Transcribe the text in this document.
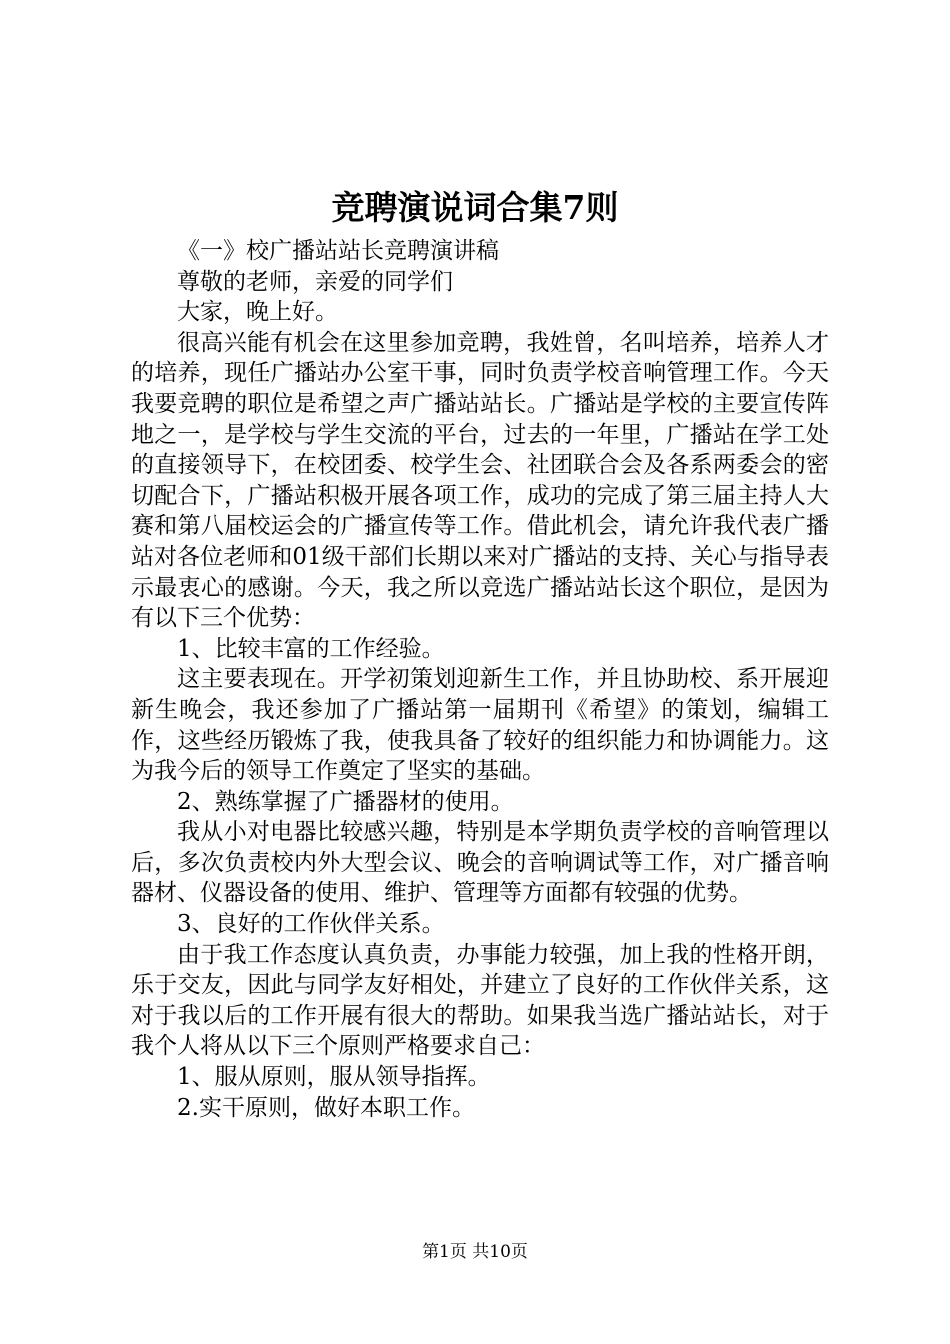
竞聘演说词合集7则

《一》校广播站站长竞聘演讲稿

尊敬的老师，亲爱的同学们

大家，晚上好。

很高兴能有机会在这里参加竞聘，我姓曾，名叫培养，培养人才的培养，现任广播站办公室干事，同时负责学校音响管理工作。今天我要竞聘的职位是希望之声广播站站长。广播站是学校的主要宣传阵地之一，是学校与学生交流的平台，过去的一年里，广播站在学工处的直接领导下，在校团委、校学生会、社团联合会及各系两委会的密切配合下，广播站积极开展各项工作，成功的完成了第三届主持人大赛和第八届校运会的广播宣传等工作。借此机会，请允许我代表广播站对各位老师和01级干部们长期以来对广播站的支持、关心与指导表示最衷心的感谢。今天，我之所以竞选广播站站长这个职位，是因为有以下三个优势：

1、比较丰富的工作经验。

这主要表现在。开学初策划迎新生工作，并且协助校、系开展迎新生晚会，我还参加了广播站第一届期刊《希望》的策划，编辑工作，这些经历锻炼了我，使我具备了较好的组织能力和协调能力。这为我今后的领导工作奠定了坚实的基础。

2、熟练掌握了广播器材的使用。

我从小对电器比较感兴趣，特别是本学期负责学校的音响管理以后，多次负责校内外大型会议、晚会的音响调试等工作，对广播音响器材、仪器设备的使用、维护、管理等方面都有较强的优势。

3、良好的工作伙伴关系。

由于我工作态度认真负责，办事能力较强，加上我的性格开朗，乐于交友，因此与同学友好相处，并建立了良好的工作伙伴关系，这对于我以后的工作开展有很大的帮助。如果我当选广播站站长，对于我个人将从以下三个原则严格要求自己：

1、服从原则，服从领导指挥。

2.实干原则，做好本职工作。

第1页 共10页
